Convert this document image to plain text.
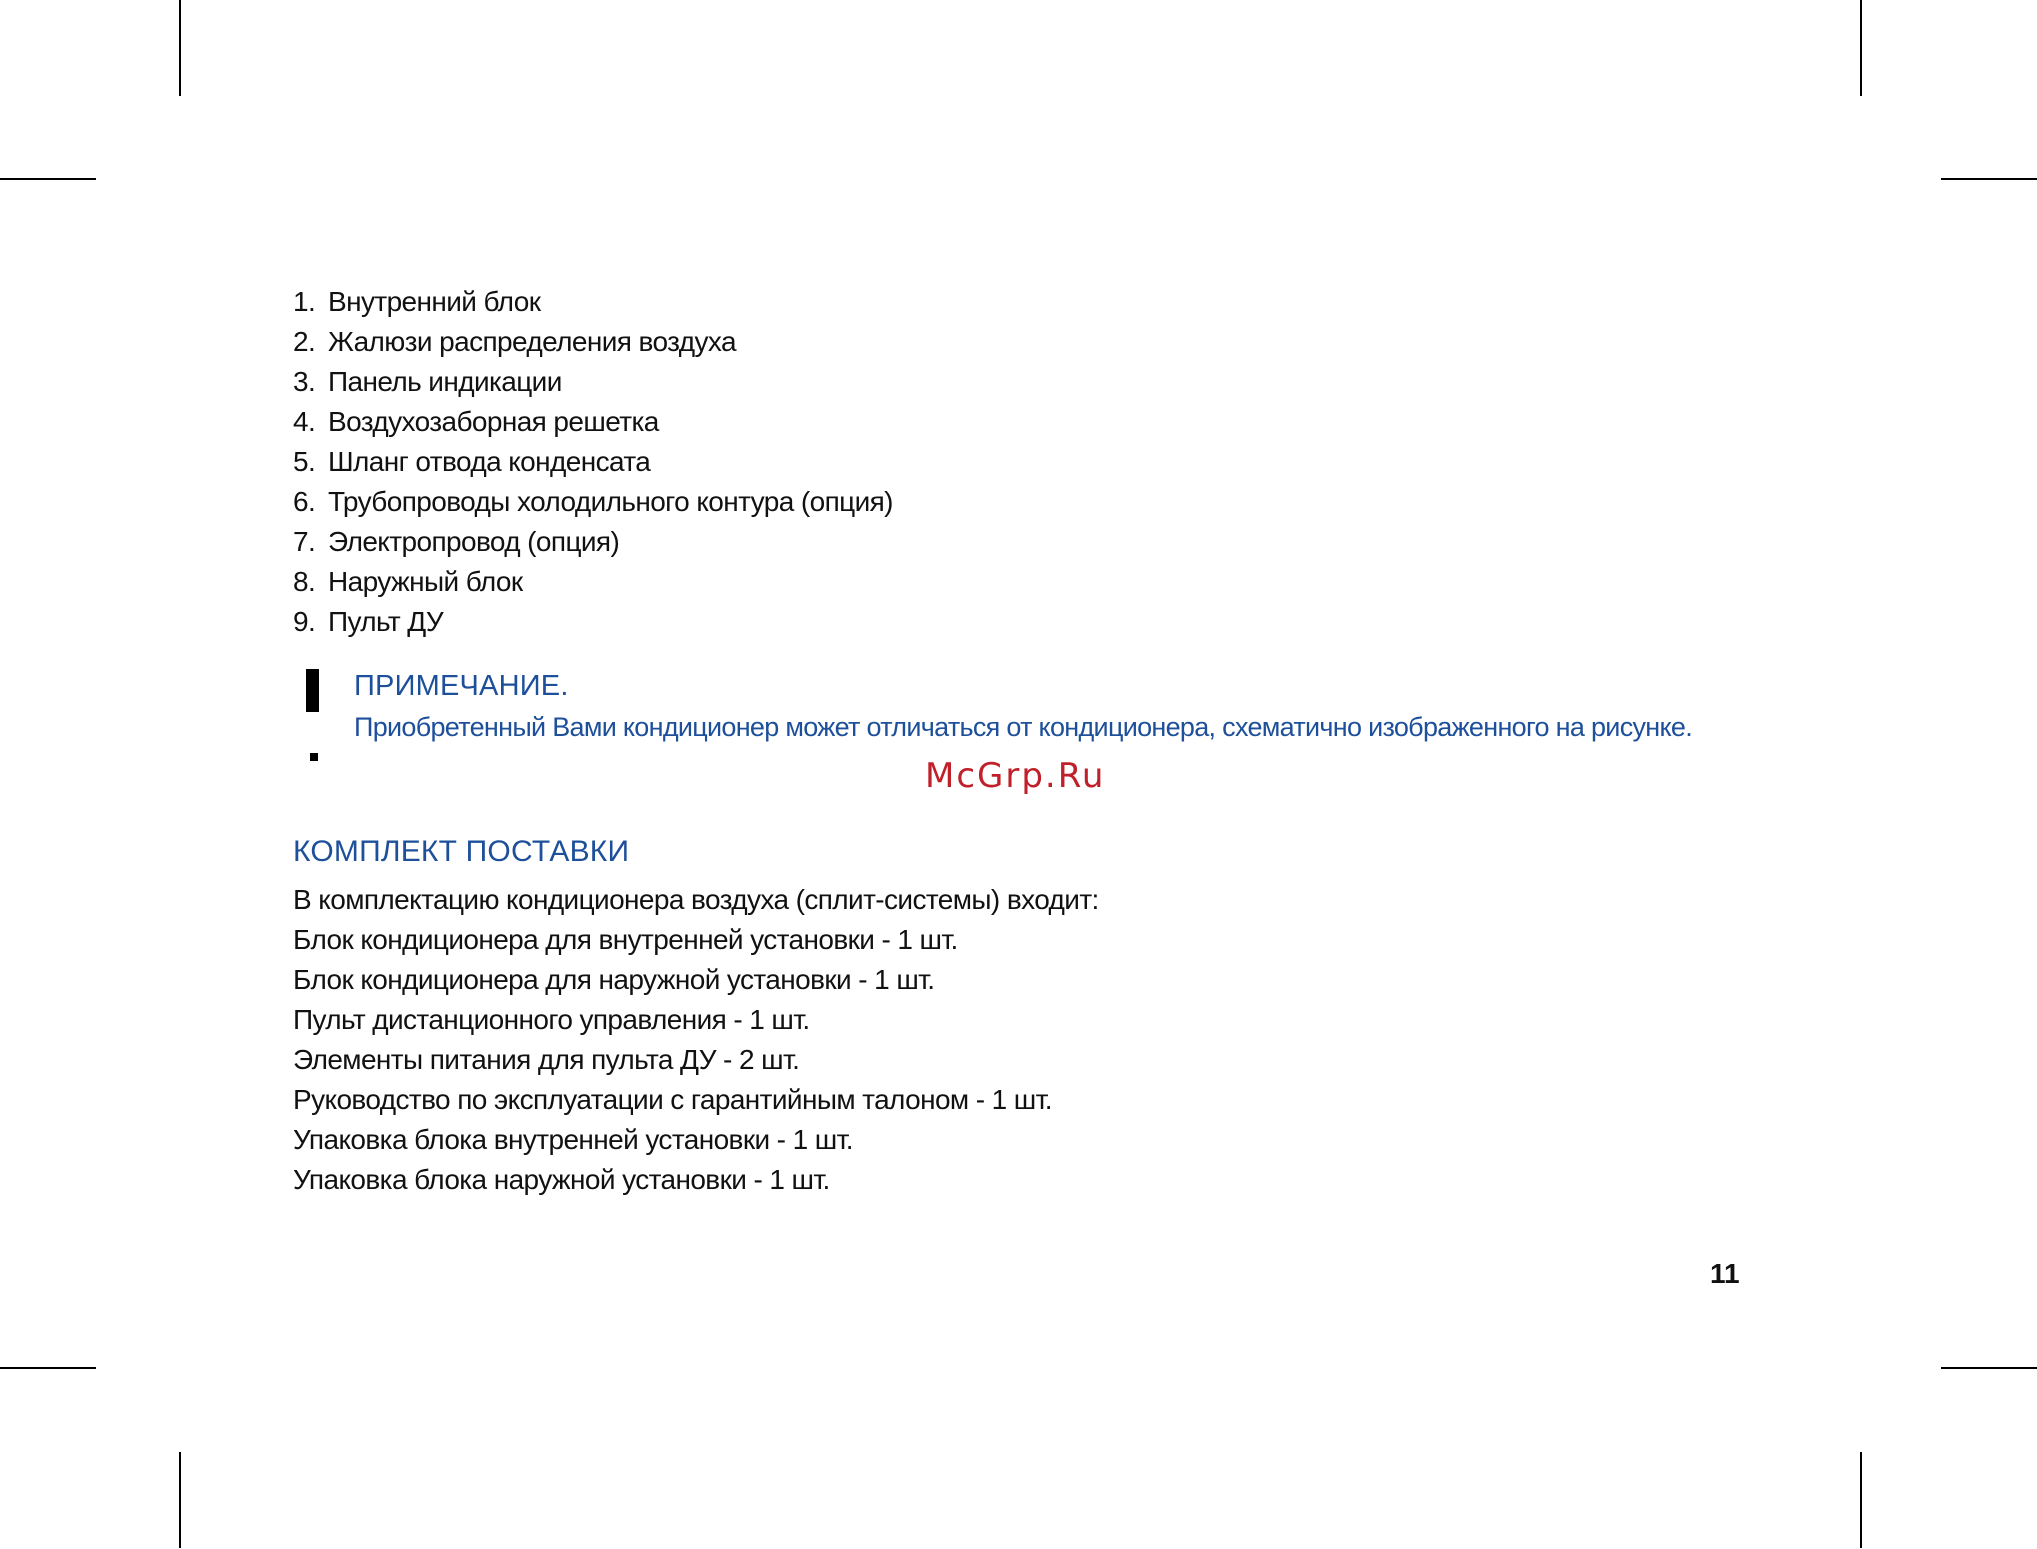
1. Внутренний блок
2. Жалюзи распределения воздуха
3. Панель индикации
4. Воздухозаборная решетка
5. Шланг отвода конденсата
6. Трубопроводы холодильного контура (опция)
7. Электропровод (опция)
8. Наружный блок
9. Пульт ДУ
ПРИМЕЧАНИЕ.
Приобретенный Вами кондиционер может отличаться от кондиционера, схематично изображенного на рисунке.
McGrp.Ru
КОМПЛЕКТ ПОСТАВКИ
В комплектацию кондиционера воздуха (сплит-системы) входит:
Блок кондиционера для внутренней установки - 1 шт.
Блок кондиционера для наружной установки - 1 шт.
Пульт дистанционного управления - 1 шт.
Элементы питания для пульта ДУ - 2 шт.
Руководство по эксплуатации с гарантийным талоном - 1 шт.
Упаковка блока внутренней установки - 1 шт.
Упаковка блока наружной установки - 1 шт.
11
